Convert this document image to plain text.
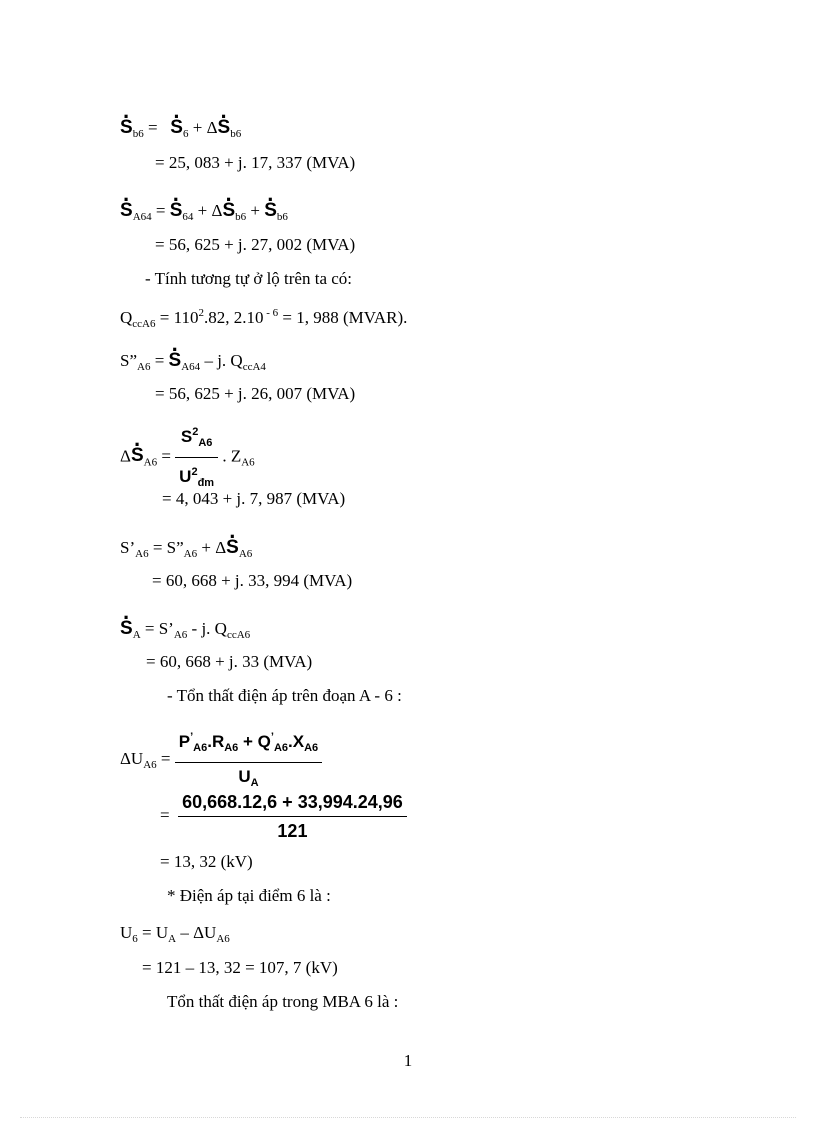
· $S_{b6}$ = · $S_6 + \Delta\cdot S_{b6}$
= 25, 083 + j. 17, 337 (MVA)
· $S_{A64}$ = · $S_{64} + \Delta\cdot S_{b6}$ + · $S_{b6}$
= 56, 625 + j. 27, 002 (MVA)
- Tính tương tự ở lộ trên ta có:
$Q_{ccA6} = 110^2.82$, 2.10 $^{- 6}$ = 1, 988 (MVAR).
$S”_{A6}$ = · $S_{A64}$ – j. $Q_{ccA4}$
= 56, 625 + j. 26, 007 (MVA)
$\Delta\cdot S_{A6} = \frac{S^2_{A6}}{U^2_{đm}}$ . $Z_{A6}$
= 4, 043 + j. 7, 987 (MVA)
$S’_{A6}$ = $S”_{A6} + \Delta\cdot S_{A6}$
= 60, 668 + j. 33, 994 (MVA)
· $S_A$ = $S’_{A6}$ - j. $Q_{ccA6}$
= 60, 668 + j. 33 (MVA)
- Tổn thất điện áp trên đoạn A - 6 :
$\Delta U_{A6} = \frac{P^’_{A6}.R_{A6} + Q^’_{A6}.X_{A6}}{U_A}$
= $\frac{60,668.12,6 + 33,994.24,96}{121}$
= 13, 32 (kV)
* Điện áp tại điểm 6 là :
$U_6 = U_A - \Delta U_{A6}$
= 121 – 13, 32 = 107, 7 (kV)
Tổn thất điện áp trong MBA 6 là :
1
